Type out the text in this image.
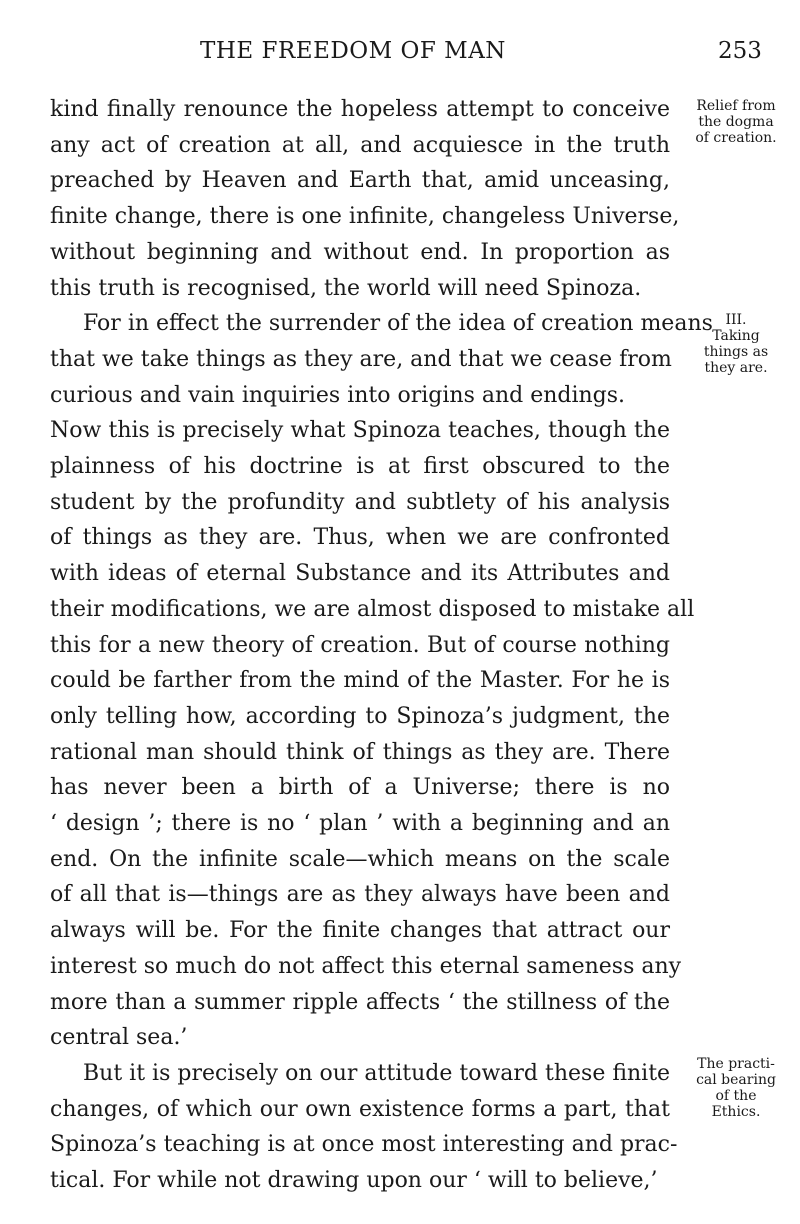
THE FREEDOM OF MAN	253
kind finally renounce the hopeless attempt to conceive
any act of creation at all, and acquiesce in the truth
preached by Heaven and Earth that, amid unceasing,
finite change, there is one infinite, changeless Universe,
without beginning and without end. In proportion as
this truth is recognised, the world will need Spinoza.
For in effect the surrender of the idea of creation means
that we take things as they are, and that we cease from
curious and vain inquiries into origins and endings.
Now this is precisely what Spinoza teaches, though the
plainness of his doctrine is at first obscured to the
student by the profundity and subtlety of his analysis
of things as they are. Thus, when we are confronted
with ideas of eternal Substance and its Attributes and
their modifications, we are almost disposed to mistake all
this for a new theory of creation. But of course nothing
could be farther from the mind of the Master. For he is
only telling how, according to Spinoza’s judgment, the
rational man should think of things as they are. There
has never been a birth of a Universe; there is no
‘ design ’; there is no ‘ plan ’ with a beginning and an
end. On the infinite scale—which means on the scale
of all that is—things are as they always have been and
always will be. For the finite changes that attract our
interest so much do not affect this eternal sameness any
more than a summer ripple affects ‘ the stillness of the
central sea.’
But it is precisely on our attitude toward these finite
changes, of which our own existence forms a part, that
Spinoza’s teaching is at once most interesting and prac-
tical. For while not drawing upon our ‘ will to believe,’
Relief from
the dogma
of creation.
III.
Taking
things as
they are.
The practi-
cal bearing
of the
Ethics.
